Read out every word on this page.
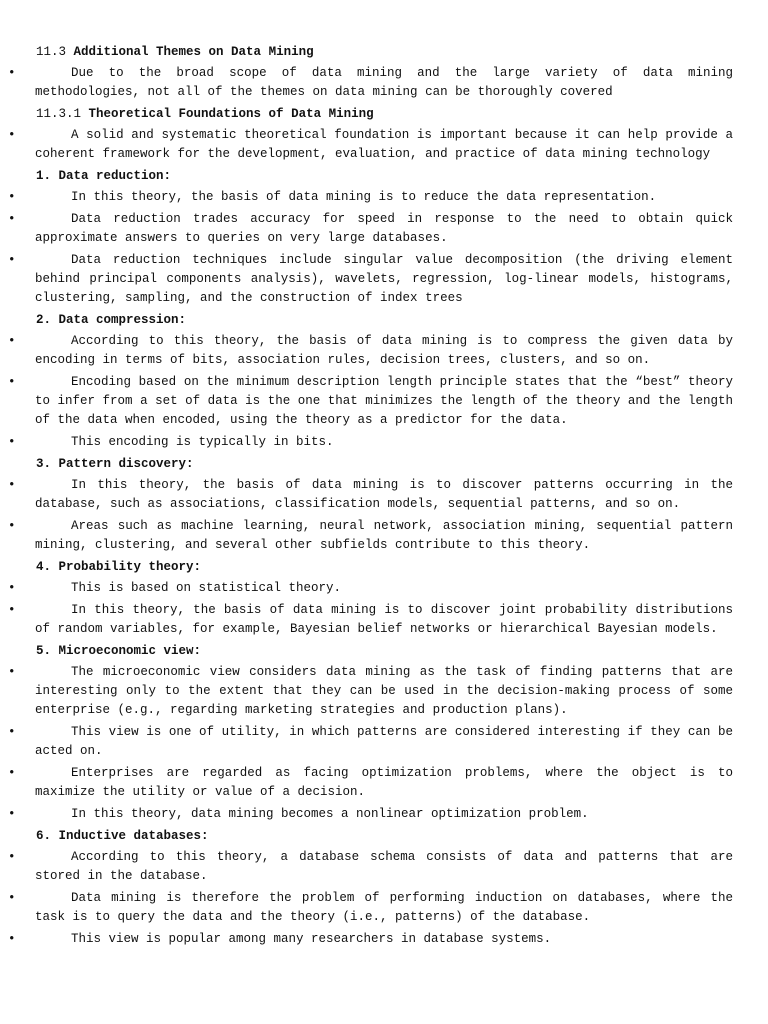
11.3 Additional Themes on Data Mining
•	Due to the broad scope of data mining and the large variety of data mining methodologies, not all of the themes on data mining can be thoroughly covered
11.3.1 Theoretical Foundations of Data Mining
•	A solid and systematic theoretical foundation is important because it can help provide a coherent framework for the development, evaluation, and practice of data mining technology
1. Data reduction:
•	In this theory, the basis of data mining is to reduce the data representation.
•	Data reduction trades accuracy for speed in response to the need to obtain quick approximate answers to queries on very large databases.
•	Data reduction techniques include singular value decomposition (the driving element behind principal components analysis), wavelets, regression, log-linear models, histograms, clustering, sampling, and the construction of index trees
2. Data compression:
•	According to this theory, the basis of data mining is to compress the given data by encoding in terms of bits, association rules, decision trees, clusters, and so on.
•	Encoding based on the minimum description length principle states that the “best” theory to infer from a set of data is the one that minimizes the length of the theory and the length of the data when encoded, using the theory as a predictor for the data.
•	This encoding is typically in bits.
3. Pattern discovery:
•	In this theory, the basis of data mining is to discover patterns occurring in the database, such as associations, classification models, sequential patterns, and so on.
•	Areas such as machine learning, neural network, association mining, sequential pattern mining, clustering, and several other subfields contribute to this theory.
4. Probability theory:
•	This is based on statistical theory.
•	In this theory, the basis of data mining is to discover joint probability distributions of random variables, for example, Bayesian belief networks or hierarchical Bayesian models.
5. Microeconomic view:
•	The microeconomic view considers data mining as the task of finding patterns that are interesting only to the extent that they can be used in the decision-making process of some enterprise (e.g., regarding marketing strategies and production plans).
•	This view is one of utility, in which patterns are considered interesting if they can be acted on.
•	Enterprises are regarded as facing optimization problems, where the object is to maximize the utility or value of a decision.
•	In this theory, data mining becomes a nonlinear optimization problem.
6. Inductive databases:
•	According to this theory, a database schema consists of data and patterns that are stored in the database.
•	Data mining is therefore the problem of performing induction on databases, where the task is to query the data and the theory (i.e., patterns) of the database.
•	This view is popular among many researchers in database systems.
